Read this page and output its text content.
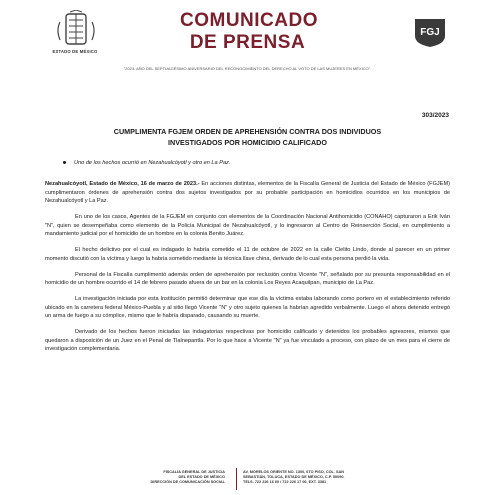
ESTADO DE MÉXICO
COMUNICADO
DE PRENSA	FGJ
"2023. AÑO DEL SEPTUAGÉSIMO ANIVERSARIO DEL RECONOCIMIENTO DEL DERECHO AL VOTO DE LAS MUJERES EN MÉXICO".
303/2023
CUMPLIMENTA FGJEM ORDEN DE APREHENSIÓN CONTRA DOS INDIVIDUOS
INVESTIGADOS POR HOMICIDIO CALIFICADO
Uno de los hechos ocurrió en Nezahualcóyotl y otro en La Paz.

Nezahualcóyotl, Estado de México, 16 de marzo de 2023.- En acciones distintas, elementos de la Fiscalía General de Justicia del Estado de México (FGJEM) cumplimentaron órdenes de aprehensión contra dos sujetos investigados por su probable participación en homicidios ocurridos en los municipios de Nezahualcóyotl y La Paz.

En uno de los casos, Agentes de la FGJEM en conjunto con elementos de la Coordinación Nacional Antihomicidio (CONAHO) capturaron a Erik Iván "N", quien se desempeñaba como elemento de la Policía Municipal de Nezahualcóyotl, y lo ingresaron al Centro de Reinserción Social, en cumplimiento a mandamiento judicial por el homicidio de un hombre en la colonia Benito Juárez.

El hecho delictivo por el cual es indagado lo habría cometido el 11 de octubre de 2022 en la calle Cielito Lindo, donde al parecer en un primer momento discutió con la víctima y luego la habría sometido mediante la técnica llave china, derivado de lo cual esta persona perdió la vida.

Personal de la Fiscalía cumplimentó además orden de aprehensión por reclusión contra Vicente "N", señalado por su presunta responsabilidad en el homicidio de un hombre ocurrido el 14 de febrero pasado afuera de un bar en la colonia Los Reyes Acaquilpan, municipio de La Paz.

La investigación iniciada por esta Institución permitió determinar que ese día la víctima estaba laborando como portero en el establecimiento referido ubicado en la carretera federal México-Puebla y al sitio llegó Vicente "N" y otro sujeto quienes la habrían agredido verbalmente. Luego el ahora detenido entregó un arma de fuego a su cómplice, mismo que le habría disparado, causando su muerte.

Derivado de los hechos fueron iniciadas las indagatorias respectivas por homicidio calificado y detenidos los probables agresores, mismos que quedaron a disposición de un Juez en el Penal de Tlalnepantla. Por lo que hace a Vicente "N" ya fue vinculado a proceso, con plazo de un mes para el cierre de investigación complementaria.

FISCALÍA GENERAL DE JUSTICIA
DEL ESTADO DE MÉXICO
DIRECCIÓN DE COMUNICACIÓN SOCIAL
AV. MORELOS ORIENTE NO. 1300, 6TO PISO, COL. SAN
SEBASTIÁN, TOLUCA, ESTADO DE MÉXICO, C.P. 50090.
TELS. 722 226 16 00 / 722 226 17 00, EXT. 3381
